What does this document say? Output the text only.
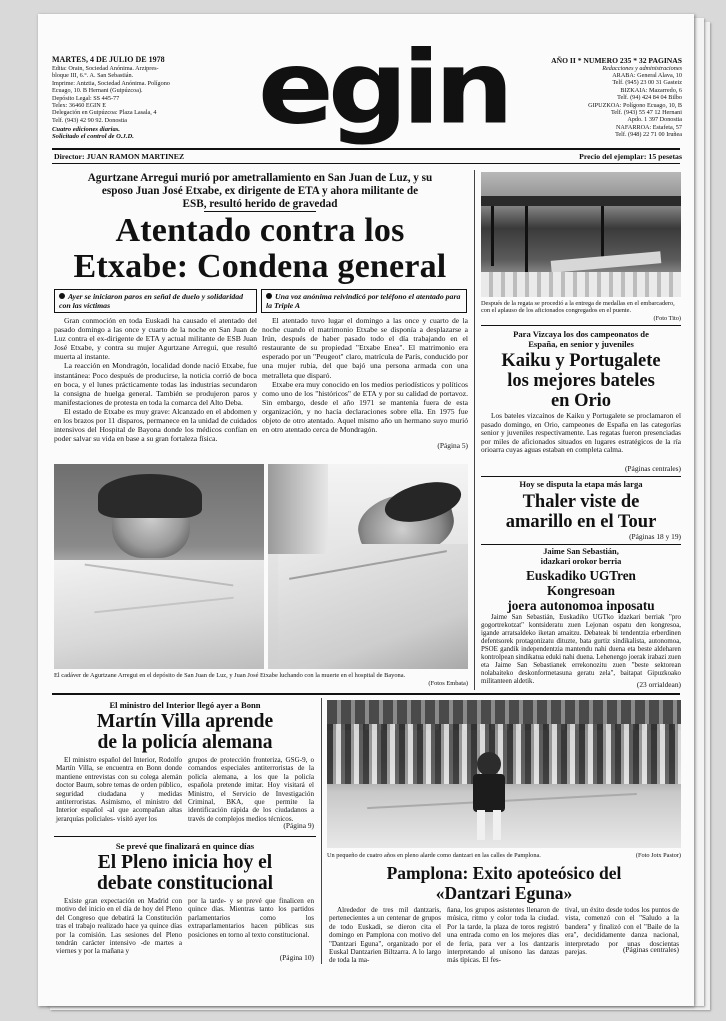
MARTES, 4 DE JULIO DE 1978
Edita: Orain, Sociedad Anónima. Arzipres-
bloque III, 6.°. A. San Sebastián.
Imprime: Antztia, Sociedad Anónima. Polígono
Ecuago, 10. B Hernani (Guipúzcoa).
Depósito Legal: SS 445-77
Telex: 36460 EGIN E
Delegación en Guipúzcoa: Plaza Lasala, 4
Telf. (943) 42 90 92. Donostia
Cuatro ediciones diarias.
Solicitado el control de O.J.D. egin	AÑO II * NUMERO 235 * 32 PAGINAS
Redacciones y administraciones
ARABA: General Alava, 10
Telf. (945) 23 00 31 Gasteiz
BIZKAIA: Mazarredo, 6
Telf. (94) 424 84 04 Bilbo
GIPUZKOA: Polígono Ecuago, 10, B
Telf. (943) 55 47 12 Hernani
Apdo. 1 397 Donostia
NAFARROA: Estafeta, 57
Telf. (948) 22 71 00 Iruñea
Director: JUAN RAMON MARTINEZ	Precio del ejemplar: 15 pesetas
Agurtzane Arregui murió por ametrallamiento en San Juan de Luz, y su
esposo Juan José Etxabe, ex dirigente de ETA y ahora militante de
ESB, resultó herido de gravedad
Atentado contra los
Etxabe: Condena general
Ayer se iniciaron paros en señal de duelo y solidaridad con las víctimas
Una voz anónima reivindicó por teléfono el atentado para la Triple A

Gran conmoción en toda Euskadi ha causado el atentado del pasado domingo a las once y cuarto de la noche en San Juan de Luz contra el ex-dirigente de ETA y actual militante de ESB Juan José Etxabe, y contra su mujer Agurtzane Arregui, que resultó muerta al instante.

La reacción en Mondragón, localidad donde nació Etxabe, fue instantánea: Poco después de producirse, la noticia corrió de boca en boca, y el lunes prácticamente todas las industrias secundaron la consigna de huelga general. También se produjeron paros y manifestaciones de protesta en toda la comarca del Alto Deba.

El estado de Etxabe es muy grave: Alcanzado en el abdomen y en los brazos por 11 disparos, permanece en la unidad de cuidados intensivos del Hospital de Bayona donde los médicos confían en poder salvar su vida en base a su gran fortaleza física.

El atentado tuvo lugar el domingo a las once y cuarto de la noche cuando el matrimonio Etxabe se disponía a desplazarse a Irún, después de haber pasado todo el día trabajando en el restaurante de su propiedad "Etxabe Enea". El matrimonio era esperado por un "Peugeot" claro, matrícula de París, conducido por una mujer rubia, del que bajó una persona armada con una metralleta que disparó.

Etxabe era muy conocido en los medios periodísticos y políticos como uno de los "históricos" de ETA y por su calidad de portavoz. Sin embargo, desde el año 1971 se mantenía fuera de esta organización, y no hacía declaraciones sobre ella. En 1975 fue objeto de otro atentado. Aquel mismo año un hermano suyo murió en otro atentado cerca de Mondragón.

(Página 5)
El cadáver de Agurtzane Arregui en el depósito de San Juan de Luz, y Juan José Etxabe luchando con la muerte en el hospital de Bayona.
(Fotos Embata)
Después de la regata se procedió a la entrega de medallas en el embarcadero, con el aplauso de los aficionados congregados en el puente.
(Foto Tito)
Para Vizcaya los dos campeonatos de
España, en senior y juveniles
Kaiku y Portugalete
los mejores bateles
en Orio
Los bateles vizcaínos de Kaiku y Portugalete se proclamaron el pasado domingo, en Orio, campeones de España en las categorías senior y juveniles respectivamente. Las regatas fueron presenciadas por miles de aficionados situados en lugares estratégicos de la ría orioarra cuyas aguas estaban en completa calma.
(Páginas centrales)
Hoy se disputa la etapa más larga
Thaler viste de
amarillo en el Tour
(Páginas 18 y 19)
Jaime San Sebastián,
idazkari orokor berria
Euskadiko UGTren
Kongresoan
joera autonomoa inposatu
Jaime San Sebastián, Euskadiko UGTko idazkari berriak "pro gogortrekotzat" kontsideratu zuen Lejonan ospatu den kongresoa, igande arratsaldeko iketan amaitzu. Debateak bi tendentzia erberdinen defentsorek protagonizatu dituzte, bata gurtiz sindikalista, autonomoa, PSOE gandik independentzia mantendu nahi duena eta beste aldeharen kontrolpean sindikatua eduki nahi duena. Lehenengo joerak irabazi zuen eta Jaime San Sebastianek errekonozitu zuen "beste sektorean nolabaiteko deskonformetasuna geratu zela", baitapat Gipuzkoako militanteen aldetik.	(23 orrialdean)
El ministro del Interior llegó ayer a Bonn
Martín Villa aprende
de la policía alemana
El ministro español del Interior, Rodolfo Martín Villa, se encuentra en Bonn donde mantiene entrevistas con su colega alemán doctor Baum, sobre temas de orden público, seguridad ciudadana y medidas antiterroristas. Asimismo, el ministro del Interior español -al que acompañan altas jerarquías policiales- visitó ayer los
grupos de protección fronteriza, GSG-9, o comandos especiales antiterroristas de la policía alemana, a los que la policía española pretende imitar. Hoy visitará el Ministro, el Servicio de Investigación Criminal, BKA, que permite la identificación rápida de los ciudadanos a través de complejos medios técnicos.
(Página 9)
Se prevé que finalizará en quince días
El Pleno inicia hoy el
debate constitucional
Existe gran expectación en Madrid con motivo del inicio en el día de hoy del Pleno del Congreso que debatirá la Constitución tras el trabajo realizado hace ya quince días por la comisión. Las sesiones del Pleno tendrán carácter intensivo -de martes a viernes y por la mañana y
por la tarde- y se prevé que finalicen en quince días. Mientras tanto los partidos parlamentarios como los extraparlamentarios hacen públicas sus posiciones en torno al texto constitucional.
(Página 10)
Un pequeño de cuatro años en pleno alarde como dantzari en las calles de Pamplona.	(Foto Jotx Pastor)
Pamplona: Exito apoteósico del
«Dantzari Eguna»
Alrededor de tres mil dantzaris, pertenecientes a un centenar de grupos de todo Euskadi, se dieron cita el domingo en Pamplona con motivo del "Dantzari Eguna", organizado por el Euskal Dantzarien Biltzarra. A lo largo de toda la ma-
ñana, los grupos asistentes llenaron de música, ritmo y color toda la ciudad. Por la tarde, la plaza de toros registró una entrada como en los mejores días de feria, para ver a los dantzaris interpretando al unísono las danzas más típicas. El fes-
tival, un éxito desde todos los puntos de vista, comenzó con el "Saludo a la bandera" y finalizó con el "Baile de la era", decididamente danza nacional, interpretado por unas doscientas parejas.	(Páginas centrales)
